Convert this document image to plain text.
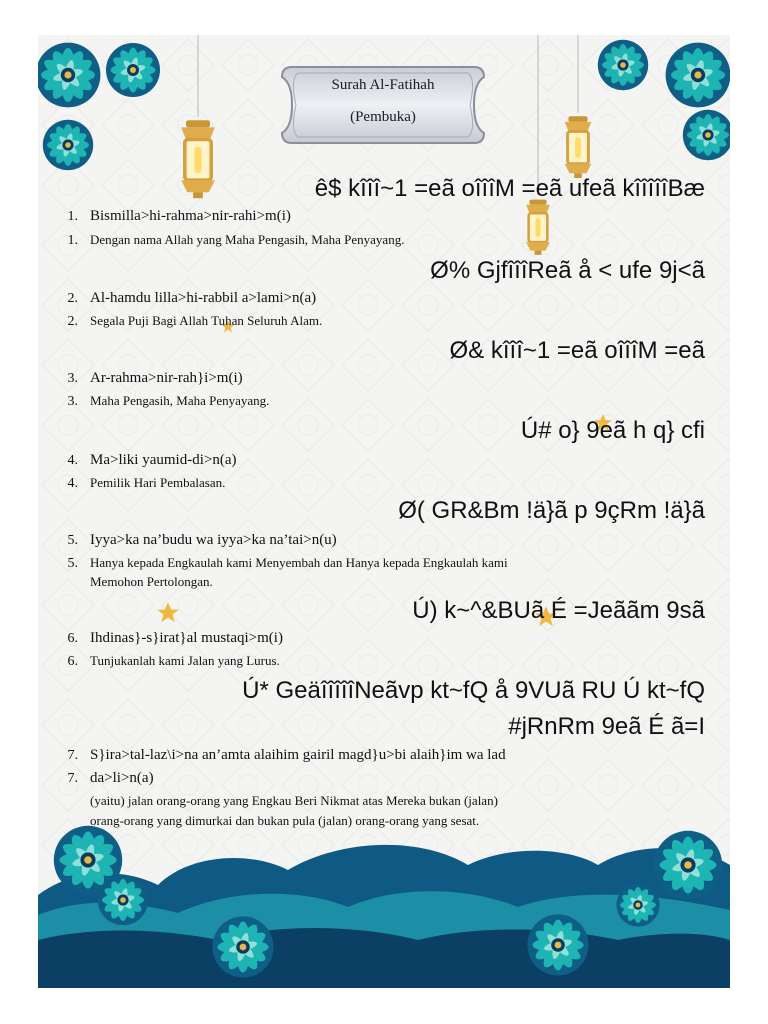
Surah Al-Fatihah
(Pembuka)
ê$ kîîî~1 =eã oîîîM =eã ufeã kîîîîîBæ
1. Bismilla>hi-rahma>nir-rahi>m(i)
1. Dengan nama Allah yang Maha Pengasih, Maha Penyayang.
Ø% GjfîîîReã å < ufe 9j<ã
2. Al-hamdu lilla>hi-rabbil a>lami>n(a)
2. Segala Puji Bagi Allah Tuhan Seluruh Alam.
Ø& kîîî~1 =eã oîîîM =eã
3. Ar-rahma>nir-rah}i>m(i)
3. Maha Pengasih, Maha Penyayang.
Ú# o} 9eã h q} cfi
4. Ma>liki yaumid-di>n(a)
4. Pemilik Hari Pembalasan.
Ø( GR&Bm !ä}ã p 9çRm !ä}ã
5. Iyya>ka na’budu wa iyya>ka na’tai>n(u)
5. Hanya kepada Engkaulah kami Menyembah dan Hanya kepada Engkaulah kami
Memohon Pertolongan.
Ú) k~^&BUã É =Jeããm 9sã
6. Ihdinas}-s}irat}al mustaqi>m(i)
6. Tunjukanlah kami Jalan yang Lurus.
Ú* GeäîîîîîNeãvp kt~fQ å 9VUã RU Ú kt~fQ
#jRnRm 9eã É ã=I
7. S}ira>tal-laz\i>na an’amta alaihim gairil magd}u>bi alaih}im wa lad
7. da>li>n(a)
(yaitu) jalan orang-orang yang Engkau Beri Nikmat atas Mereka bukan (jalan)
orang-orang yang dimurkai dan bukan pula (jalan) orang-orang yang sesat.
